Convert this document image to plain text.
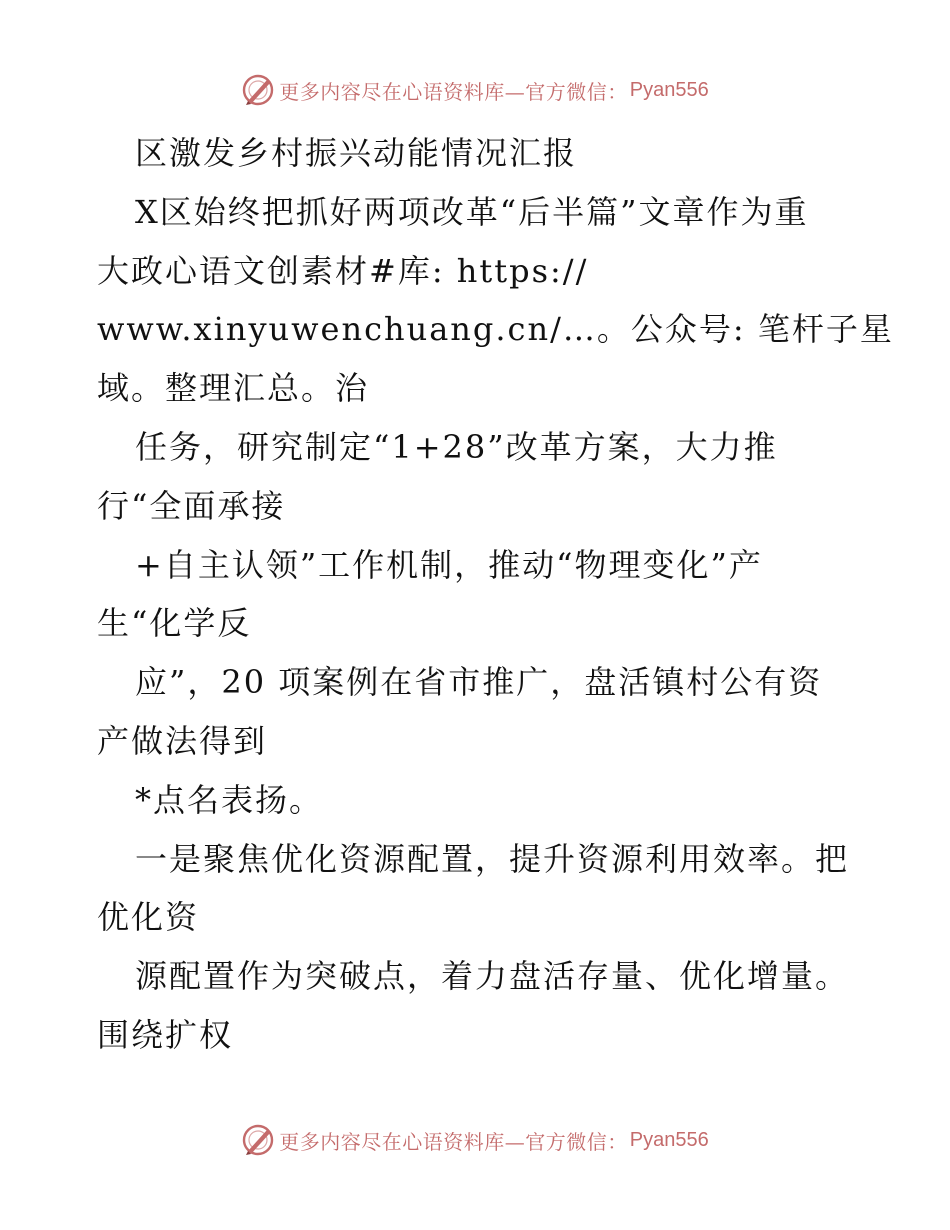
更多内容尽在心语资料库—官方微信： Pyan556
区激发乡村振兴动能情况汇报
X区始终把抓好两项改革“后半篇”文章作为重
大政心语文创素材#库: https://
www.xinyuwenchuang.cn/…。公众号: 笔杆子星
域。整理汇总。治
任务，研究制定“1+28”改革方案，大力推
行“全面承接
+自主认领”工作机制，推动“物理变化”产
生“化学反
应”，20 项案例在省市推广，盘活镇村公有资
产做法得到
*点名表扬。
一是聚焦优化资源配置，提升资源利用效率。把
优化资
源配置作为突破点，着力盘活存量、优化增量。
围绕扩权
更多内容尽在心语资料库—官方微信： Pyan556
